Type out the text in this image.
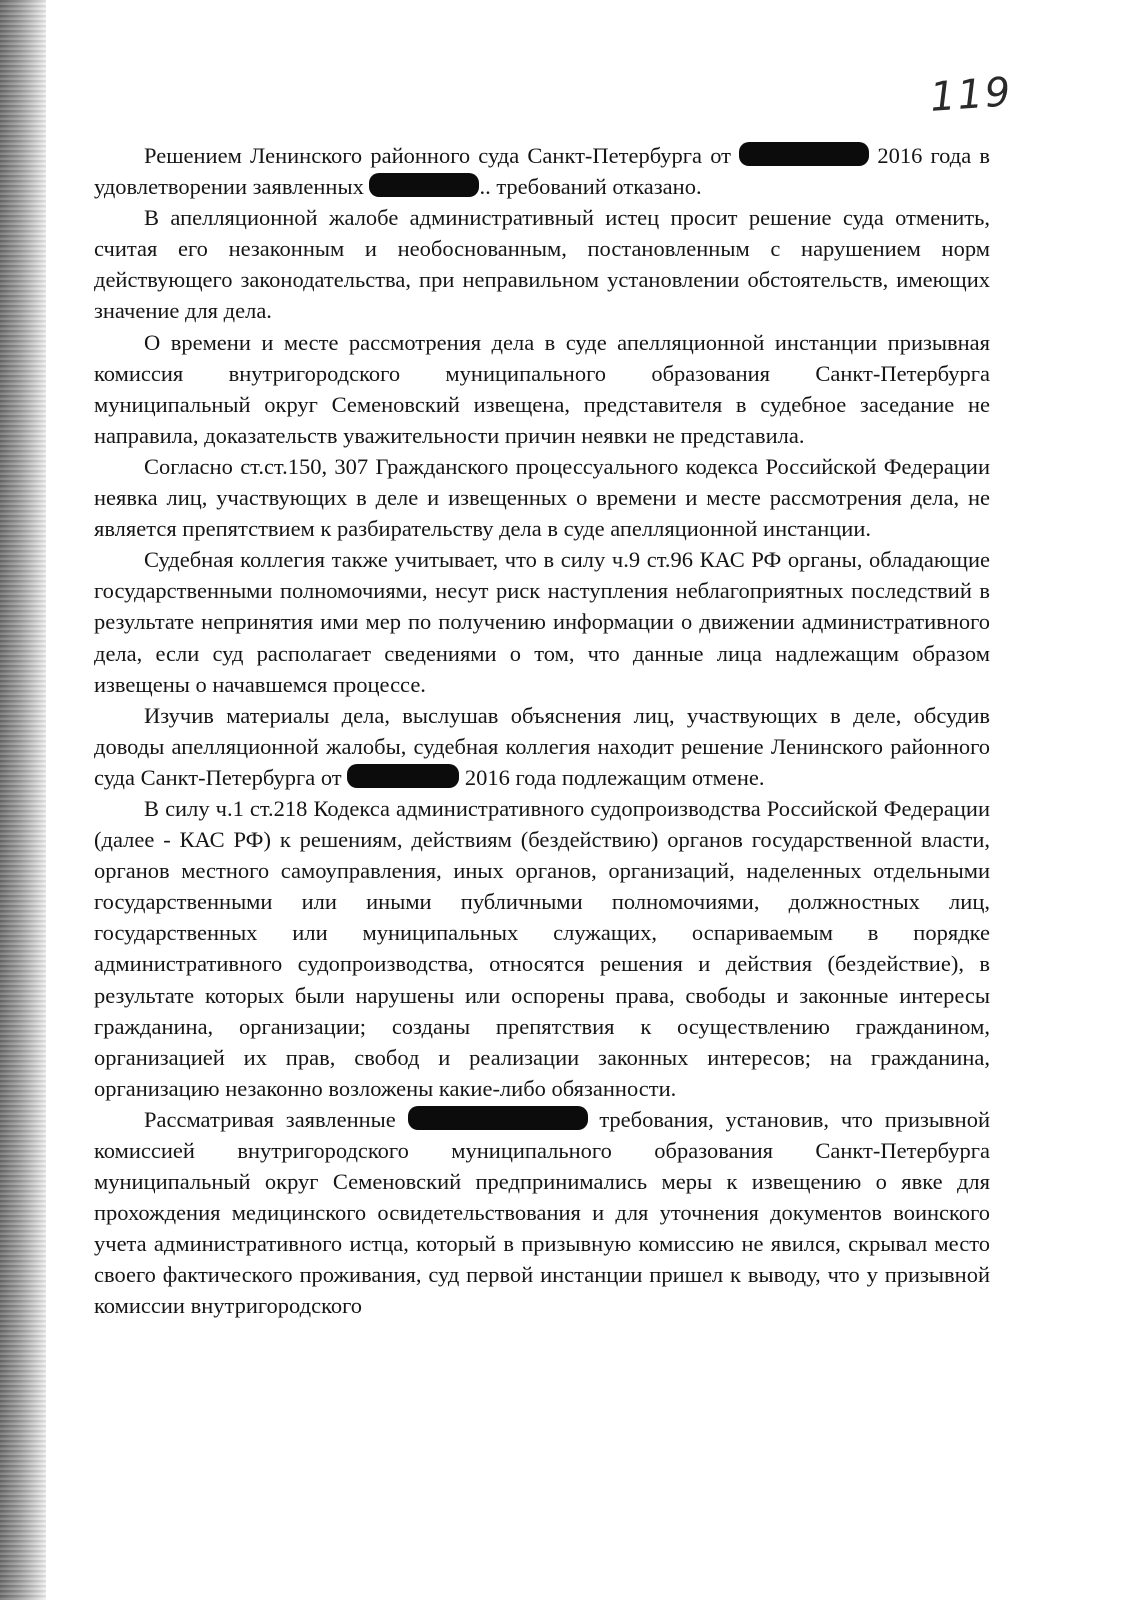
119

Решением Ленинского районного суда Санкт-Петербурга от	2016 года в удовлетворении заявленных	.. требований отказано.

В апелляционной жалобе административный истец просит решение суда отменить, считая его незаконным и необоснованным, постановленным с нарушением норм действующего законодательства, при неправильном установлении обстоятельств, имеющих значение для дела.

О времени и месте рассмотрения дела в суде апелляционной инстанции призывная комиссия внутригородского муниципального образования Санкт-Петербурга муниципальный округ Семеновский извещена, представителя в судебное заседание не направила, доказательств уважительности причин неявки не представила.

Согласно ст.ст.150, 307 Гражданского процессуального кодекса Российской Федерации неявка лиц, участвующих в деле и извещенных о времени и месте рассмотрения дела, не является препятствием к разбирательству дела в суде апелляционной инстанции.

Судебная коллегия также учитывает, что в силу ч.9 ст.96 КАС РФ органы, обладающие государственными полномочиями, несут риск наступления неблагоприятных последствий в результате непринятия ими мер по получению информации о движении административного дела, если суд располагает сведениями о том, что данные лица надлежащим образом извещены о начавшемся процессе.

Изучив материалы дела, выслушав объяснения лиц, участвующих в деле, обсудив доводы апелляционной жалобы, судебная коллегия находит решение Ленинского районного суда Санкт-Петербурга от	2016 года подлежащим отмене.

В силу ч.1 ст.218 Кодекса административного судопроизводства Российской Федерации (далее - КАС РФ) к решениям, действиям (бездействию) органов государственной власти, органов местного самоуправления, иных органов, организаций, наделенных отдельными государственными или иными публичными полномочиями, должностных лиц, государственных или муниципальных служащих, оспариваемым в порядке административного судопроизводства, относятся решения и действия (бездействие), в результате которых были нарушены или оспорены права, свободы и законные интересы гражданина, организации; созданы препятствия к осуществлению гражданином, организацией их прав, свобод и реализации законных интересов; на гражданина, организацию незаконно возложены какие-либо обязанности.

Рассматривая заявленные	требования, установив, что призывной комиссией внутригородского муниципального образования Санкт-Петербурга муниципальный округ Семеновский предпринимались меры к извещению о явке для прохождения медицинского освидетельствования и для уточнения документов воинского учета административного истца, который в призывную комиссию не явился, скрывал место своего фактического проживания, суд первой инстанции пришел к выводу, что у призывной комиссии внутригородского
